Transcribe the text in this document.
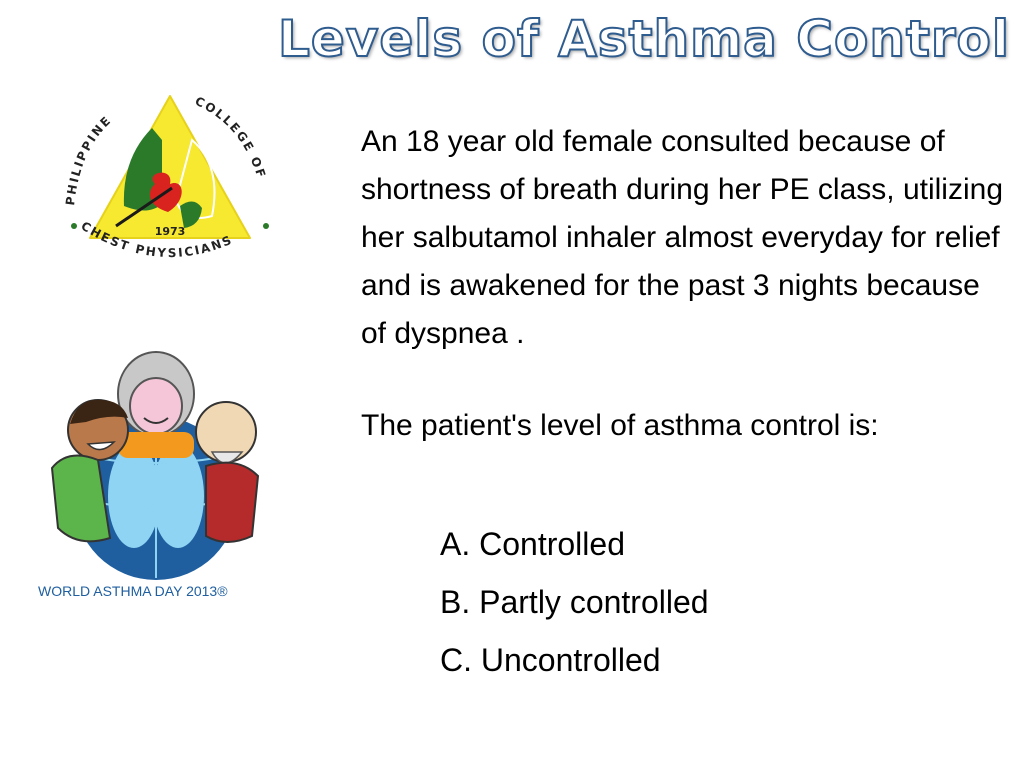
Levels of Asthma Control
1973
PHILIPPINE
COLLEGE OF
CHEST PHYSICIANS
WORLD ASTHMA DAY 2013®

An 18 year old female consulted because of shortness of breath during her PE class, utilizing her salbutamol inhaler almost everyday for relief and is awakened for the past 3 nights because of dyspnea .

The patient's level of asthma control is:

A. Controlled
B. Partly controlled
C. Uncontrolled
